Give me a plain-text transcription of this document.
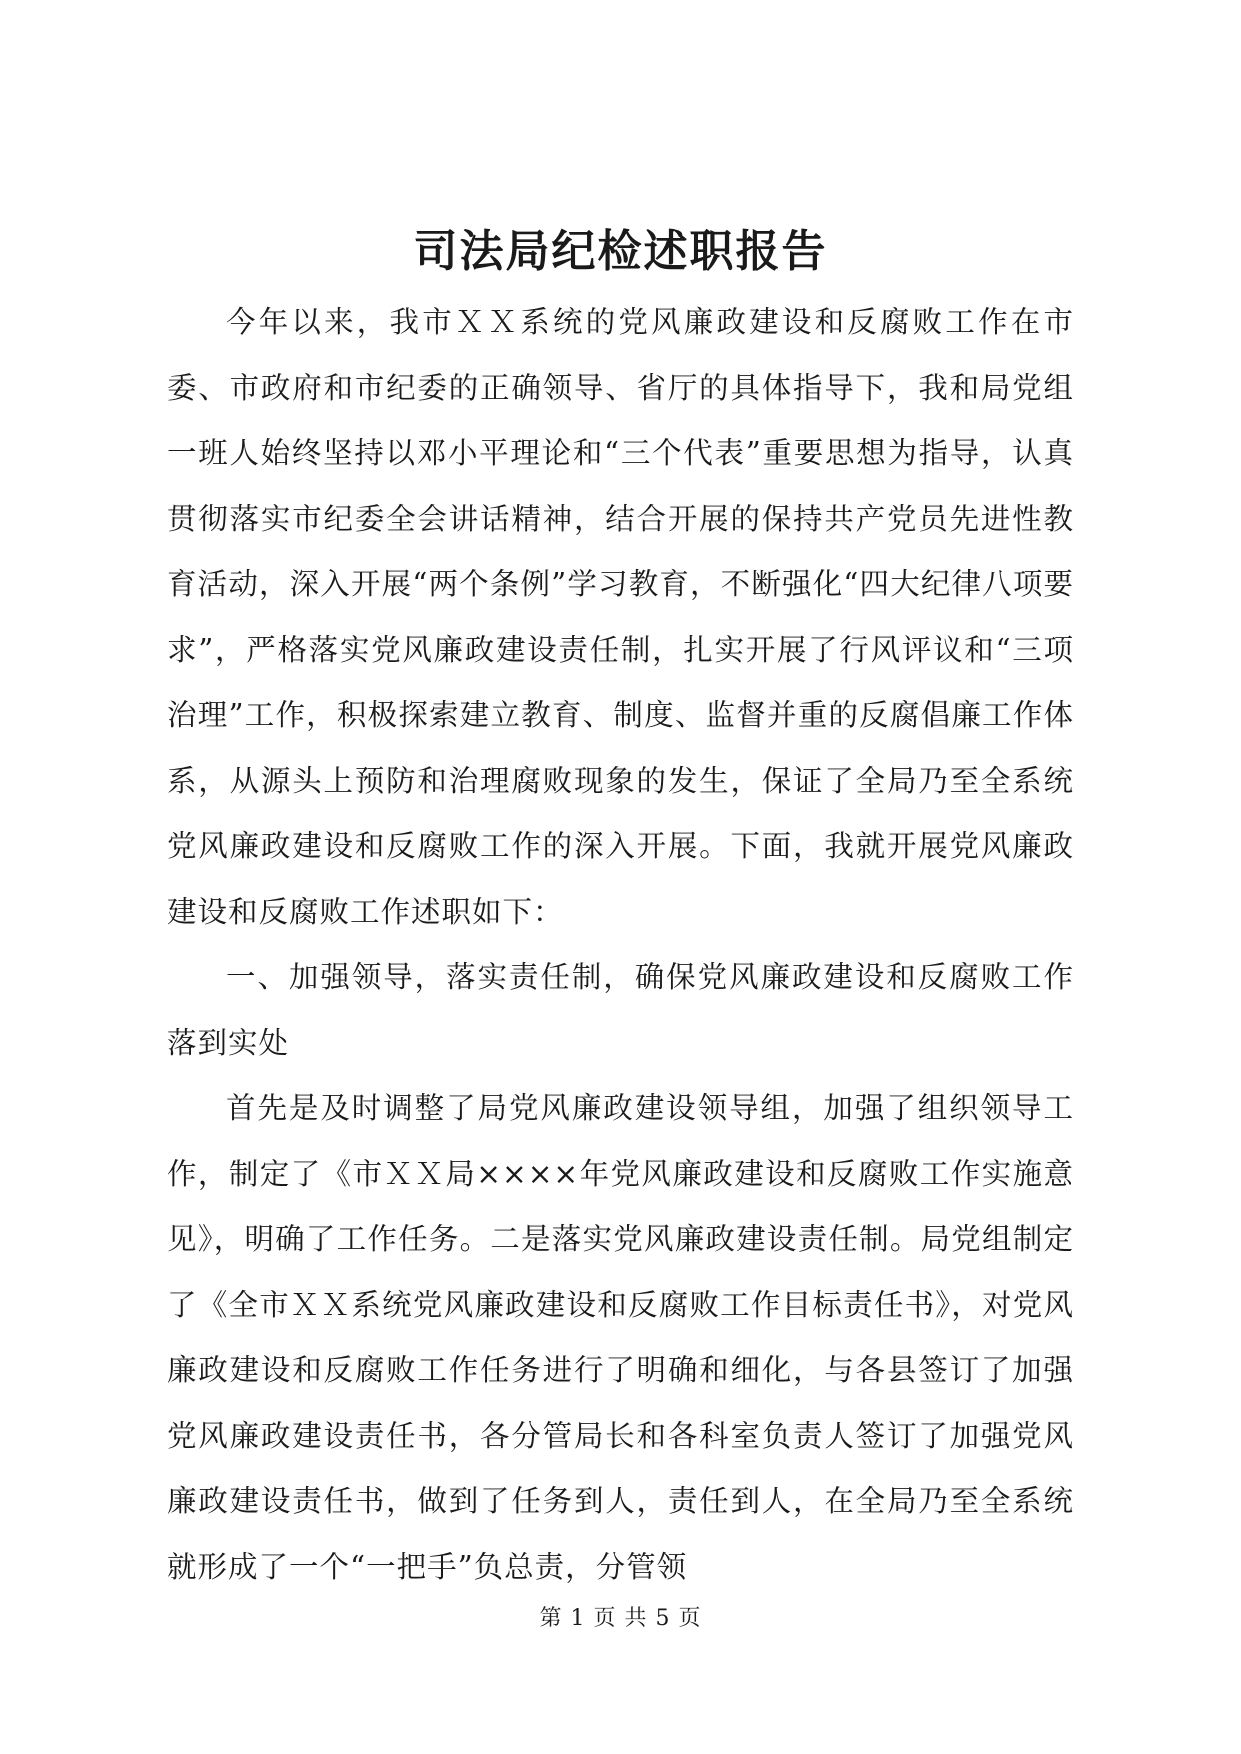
司法局纪检述职报告

今年以来，我市ＸＸ系统的党风廉政建设和反腐败工作在市委、市政府和市纪委的正确领导、省厅的具体指导下，我和局党组一班人始终坚持以邓小平理论和“三个代表”重要思想为指导，认真贯彻落实市纪委全会讲话精神，结合开展的保持共产党员先进性教育活动，深入开展“两个条例”学习教育，不断强化“四大纪律八项要求”，严格落实党风廉政建设责任制，扎实开展了行风评议和“三项治理”工作，积极探索建立教育、制度、监督并重的反腐倡廉工作体系，从源头上预防和治理腐败现象的发生，保证了全局乃至全系统党风廉政建设和反腐败工作的深入开展。下面，我就开展党风廉政建设和反腐败工作述职如下：

一、加强领导，落实责任制，确保党风廉政建设和反腐败工作落到实处

首先是及时调整了局党风廉政建设领导组，加强了组织领导工作，制定了《市ＸＸ局××××年党风廉政建设和反腐败工作实施意见》，明确了工作任务。二是落实党风廉政建设责任制。局党组制定了《全市ＸＸ系统党风廉政建设和反腐败工作目标责任书》，对党风廉政建设和反腐败工作任务进行了明确和细化，与各县签订了加强党风廉政建设责任书，各分管局长和各科室负责人签订了加强党风廉政建设责任书，做到了任务到人，责任到人，在全局乃至全系统就形成了一个“一把手”负总责，分管领

第 1 页 共 5 页
